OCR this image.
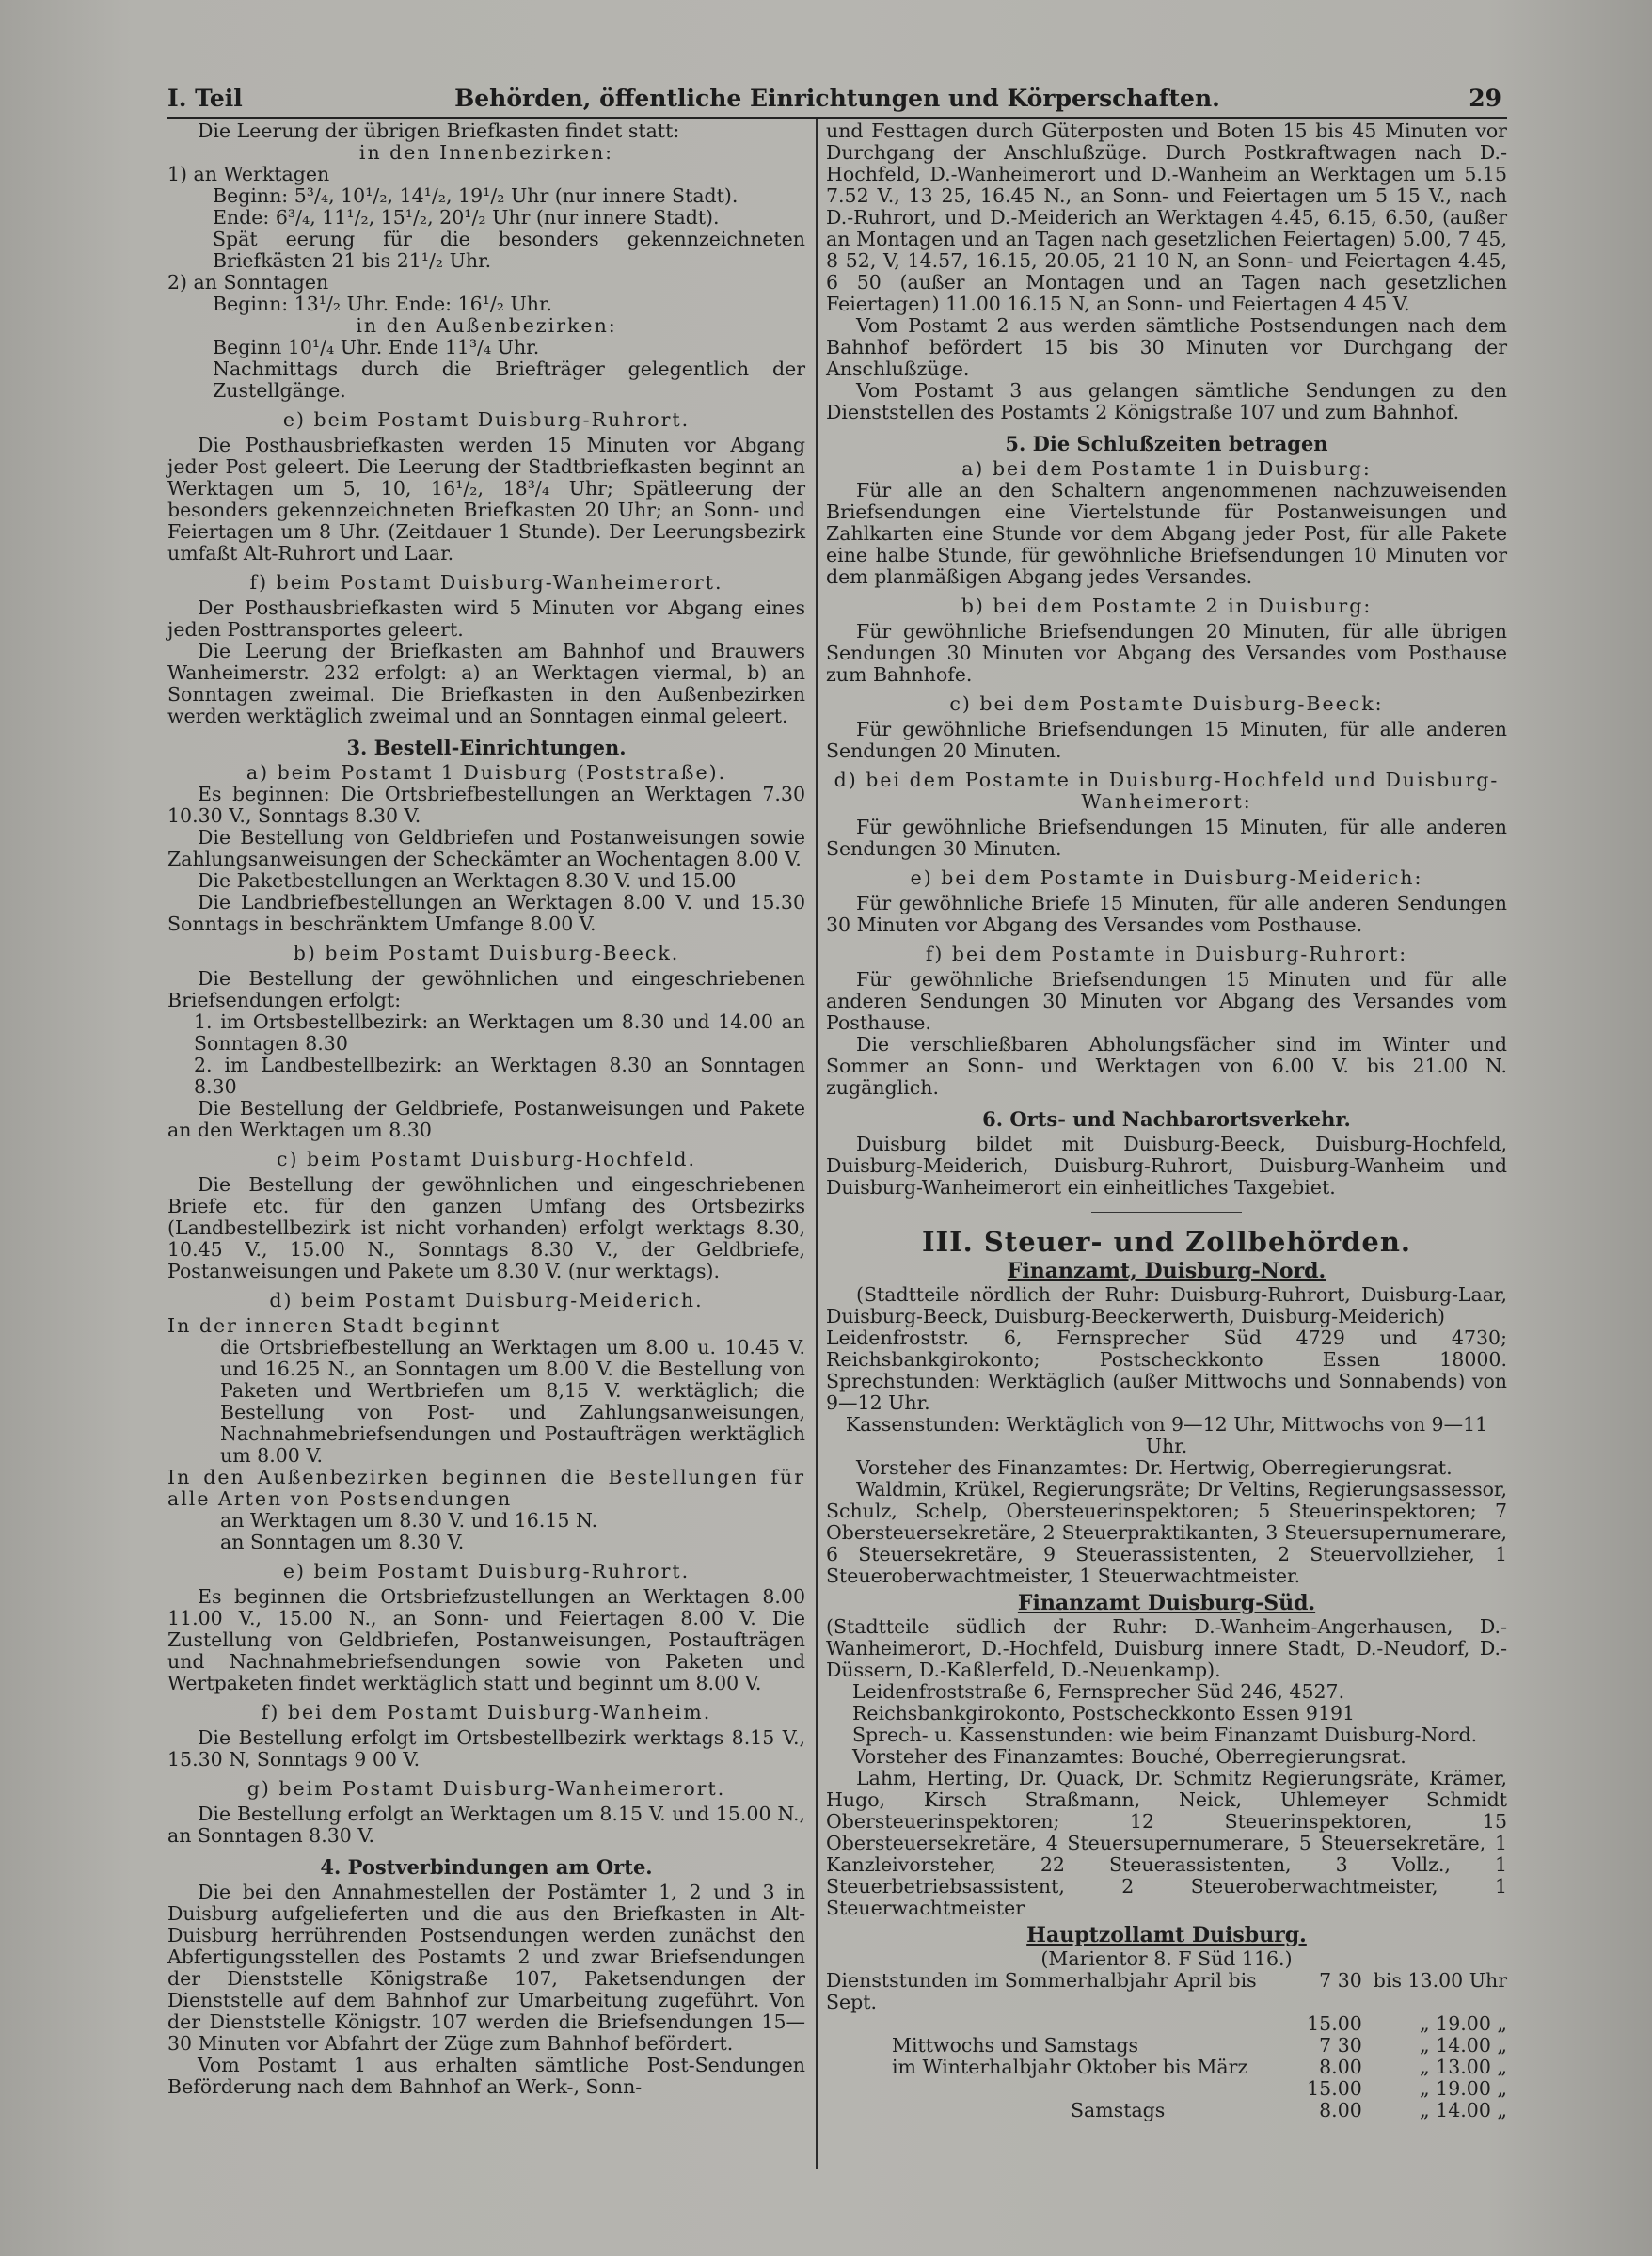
I. Teil	Behörden, öffentliche Einrichtungen und Körperschaften.	29

Die Leerung der übrigen Briefkasten findet statt:

in den Innenbezirken:

1) an Werktagen

Beginn: 5³/₄, 10¹/₂, 14¹/₂, 19¹/₂ Uhr (nur innere Stadt).

Ende: 6³/₄, 11¹/₂, 15¹/₂, 20¹/₂ Uhr (nur innere Stadt).

Spät eerung für die besonders gekennzeichneten Briefkästen 21 bis 21¹/₂ Uhr.

2) an Sonntagen

Beginn: 13¹/₂ Uhr. Ende: 16¹/₂ Uhr.

in den Außenbezirken:

Beginn 10¹/₄ Uhr. Ende 11³/₄ Uhr.

Nachmittags durch die Briefträger gelegentlich der Zustellgänge.

e) beim Postamt Duisburg-Ruhrort.

Die Posthausbriefkasten werden 15 Minuten vor Abgang jeder Post geleert. Die Leerung der Stadtbriefkasten beginnt an Werktagen um 5, 10, 16¹/₂, 18³/₄ Uhr; Spätleerung der besonders gekennzeichneten Briefkasten 20 Uhr; an Sonn- und Feiertagen um 8 Uhr. (Zeitdauer 1 Stunde). Der Leerungsbezirk umfaßt Alt-Ruhrort und Laar.

f) beim Postamt Duisburg-Wanheimerort.

Der Posthausbriefkasten wird 5 Minuten vor Abgang eines jeden Posttransportes geleert.

Die Leerung der Briefkasten am Bahnhof und Brauwers Wanheimerstr. 232 erfolgt: a) an Werktagen viermal, b) an Sonntagen zweimal. Die Briefkasten in den Außenbezirken werden werktäglich zweimal und an Sonntagen einmal geleert.

3. Bestell-Einrichtungen.

a) beim Postamt 1 Duisburg (Poststraße).

Es beginnen: Die Ortsbriefbestellungen an Werktagen 7.30 10.30 V., Sonntags 8.30 V.

Die Bestellung von Geldbriefen und Postanweisungen sowie Zahlungsanweisungen der Scheckämter an Wochentagen 8.00 V.

Die Paketbestellungen an Werktagen 8.30 V. und 15.00

Die Landbriefbestellungen an Werktagen 8.00 V. und 15.30 Sonntags in beschränktem Umfange 8.00 V.

b) beim Postamt Duisburg-Beeck.

Die Bestellung der gewöhnlichen und eingeschriebenen Briefsendungen erfolgt:

1. im Ortsbestellbezirk: an Werktagen um 8.30 und 14.00 an Sonntagen 8.30

2. im Landbestellbezirk: an Werktagen 8.30 an Sonntagen 8.30

Die Bestellung der Geldbriefe, Postanweisungen und Pakete an den Werktagen um 8.30

c) beim Postamt Duisburg-Hochfeld.

Die Bestellung der gewöhnlichen und eingeschriebenen Briefe etc. für den ganzen Umfang des Ortsbezirks (Landbestellbezirk ist nicht vorhanden) erfolgt werktags 8.30, 10.45 V., 15.00 N., Sonntags 8.30 V., der Geldbriefe, Postanweisungen und Pakete um 8.30 V. (nur werktags).

d) beim Postamt Duisburg-Meiderich.

In der inneren Stadt beginnt

die Ortsbriefbestellung an Werktagen um 8.00 u. 10.45 V. und 16.25 N., an Sonntagen um 8.00 V. die Bestellung von Paketen und Wertbriefen um 8,15 V. werktäglich; die Bestellung von Post- und Zahlungsanweisungen, Nachnahmebriefsendungen und Postaufträgen werktäglich um 8.00 V.

In den Außenbezirken beginnen die Bestellungen für alle Arten von Postsendungen

an Werktagen um 8.30 V. und 16.15 N.

an Sonntagen um 8.30 V.

e) beim Postamt Duisburg-Ruhrort.

Es beginnen die Ortsbriefzustellungen an Werktagen 8.00 11.00 V., 15.00 N., an Sonn- und Feiertagen 8.00 V. Die Zustellung von Geldbriefen, Postanweisungen, Postaufträgen und Nachnahmebriefsendungen sowie von Paketen und Wertpaketen findet werktäglich statt und beginnt um 8.00 V.

f) bei dem Postamt Duisburg-Wanheim.

Die Bestellung erfolgt im Ortsbestellbezirk werktags 8.15 V., 15.30 N, Sonntags 9 00 V.

g) beim Postamt Duisburg-Wanheimerort.

Die Bestellung erfolgt an Werktagen um 8.15 V. und 15.00 N., an Sonntagen 8.30 V.

4. Postverbindungen am Orte.

Die bei den Annahmestellen der Postämter 1, 2 und 3 in Duisburg aufgelieferten und die aus den Briefkasten in Alt-Duisburg herrührenden Postsendungen werden zunächst den Abfertigungsstellen des Postamts 2 und zwar Briefsendungen der Dienststelle Königstraße 107, Paketsendungen der Dienststelle auf dem Bahnhof zur Umarbeitung zugeführt. Von der Dienststelle Königstr. 107 werden die Briefsendungen 15—30 Minuten vor Abfahrt der Züge zum Bahnhof befördert.

Vom Postamt 1 aus erhalten sämtliche Post-Sendungen Beförderung nach dem Bahnhof an Werk-, Sonn-

und Festtagen durch Güterposten und Boten 15 bis 45 Minuten vor Durchgang der Anschlußzüge. Durch Postkraftwagen nach D.-Hochfeld, D.-Wanheimerort und D.-Wanheim an Werktagen um 5.15 7.52 V., 13 25, 16.45 N., an Sonn- und Feiertagen um 5 15 V., nach D.-Ruhrort, und D.-Meiderich an Werktagen 4.45, 6.15, 6.50, (außer an Montagen und an Tagen nach gesetzlichen Feiertagen) 5.00, 7 45, 8 52, V, 14.57, 16.15, 20.05, 21 10 N, an Sonn- und Feiertagen 4.45, 6 50 (außer an Montagen und an Tagen nach gesetzlichen Feiertagen) 11.00 16.15 N, an Sonn- und Feiertagen 4 45 V.

Vom Postamt 2 aus werden sämtliche Postsendungen nach dem Bahnhof befördert 15 bis 30 Minuten vor Durchgang der Anschlußzüge.

Vom Postamt 3 aus gelangen sämtliche Sendungen zu den Dienststellen des Postamts 2 Königstraße 107 und zum Bahnhof.

5. Die Schlußzeiten betragen

a) bei dem Postamte 1 in Duisburg:

Für alle an den Schaltern angenommenen nachzuweisenden Briefsendungen eine Viertelstunde für Postanweisungen und Zahlkarten eine Stunde vor dem Abgang jeder Post, für alle Pakete eine halbe Stunde, für gewöhnliche Briefsendungen 10 Minuten vor dem planmäßigen Abgang jedes Versandes.

b) bei dem Postamte 2 in Duisburg:

Für gewöhnliche Briefsendungen 20 Minuten, für alle übrigen Sendungen 30 Minuten vor Abgang des Versandes vom Posthause zum Bahnhofe.

c) bei dem Postamte Duisburg-Beeck:

Für gewöhnliche Briefsendungen 15 Minuten, für alle anderen Sendungen 20 Minuten.

d) bei dem Postamte in Duisburg-Hochfeld und Duisburg-Wanheimerort:

Für gewöhnliche Briefsendungen 15 Minuten, für alle anderen Sendungen 30 Minuten.

e) bei dem Postamte in Duisburg-Meiderich:

Für gewöhnliche Briefe 15 Minuten, für alle anderen Sendungen 30 Minuten vor Abgang des Versandes vom Posthause.

f) bei dem Postamte in Duisburg-Ruhrort:

Für gewöhnliche Briefsendungen 15 Minuten und für alle anderen Sendungen 30 Minuten vor Abgang des Versandes vom Posthause.

Die verschließbaren Abholungsfächer sind im Winter und Sommer an Sonn- und Werktagen von 6.00 V. bis 21.00 N. zugänglich.

6. Orts- und Nachbarortsverkehr.

Duisburg bildet mit Duisburg-Beeck, Duisburg-Hochfeld, Duisburg-Meiderich, Duisburg-Ruhrort, Duisburg-Wanheim und Duisburg-Wanheimerort ein einheitliches Taxgebiet.

III. Steuer- und Zollbehörden.

Finanzamt, Duisburg-Nord.

(Stadtteile nördlich der Ruhr: Duisburg-Ruhrort, Duisburg-Laar, Duisburg-Beeck, Duisburg-Beeckerwerth, Duisburg-Meiderich)

Leidenfroststr. 6, Fernsprecher Süd 4729 und 4730; Reichsbankgirokonto; Postscheckkonto Essen 18000. Sprechstunden: Werktäglich (außer Mittwochs und Sonnabends) von 9—12 Uhr.

Kassenstunden: Werktäglich von 9—12 Uhr, Mittwochs von 9—11 Uhr.

Vorsteher des Finanzamtes: Dr. Hertwig, Oberregierungsrat.

Waldmin, Krükel, Regierungsräte; Dr Veltins, Regierungsassessor, Schulz, Schelp, Obersteuerinspektoren; 5 Steuerinspektoren; 7 Obersteuersekretäre, 2 Steuerpraktikanten, 3 Steuersupernumerare, 6 Steuersekretäre, 9 Steuerassistenten, 2 Steuervollzieher, 1 Steueroberwachtmeister, 1 Steuerwachtmeister.

Finanzamt Duisburg-Süd.

(Stadtteile südlich der Ruhr: D.-Wanheim-Angerhausen, D.-Wanheimerort, D.-Hochfeld, Duisburg innere Stadt, D.-Neudorf, D.-Düssern, D.-Kaßlerfeld, D.-Neuenkamp).

Leidenfroststraße 6, Fernsprecher Süd 246, 4527.

Reichsbankgirokonto, Postscheckkonto Essen 9191

Sprech- u. Kassenstunden: wie beim Finanzamt Duisburg-Nord.

Vorsteher des Finanzamtes: Bouché, Oberregierungsrat.

Lahm, Herting, Dr. Quack, Dr. Schmitz Regierungsräte, Krämer, Hugo, Kirsch Straßmann, Neick, Uhlemeyer Schmidt Obersteuerinspektoren; 12 Steuerinspektoren, 15 Obersteuersekretäre, 4 Steuersupernumerare, 5 Steuersekretäre, 1 Kanzleivorsteher, 22 Steuerassistenten, 3 Vollz., 1 Steuerbetriebsassistent, 2 Steueroberwachtmeister, 1 Steuerwachtmeister

Hauptzollamt Duisburg.

(Marientor 8. F Süd 116.)

Dienststunden im Sommerhalbjahr April bis Sept.	7 30	bis 13.00 Uhr
	15.00	„ 19.00 „
Mittwochs und Samstags	7 30	„ 14.00 „
im Winterhalbjahr Oktober bis März	8.00	„ 13.00 „
	15.00	„ 19.00 „
Samstags	8.00	„ 14.00 „
